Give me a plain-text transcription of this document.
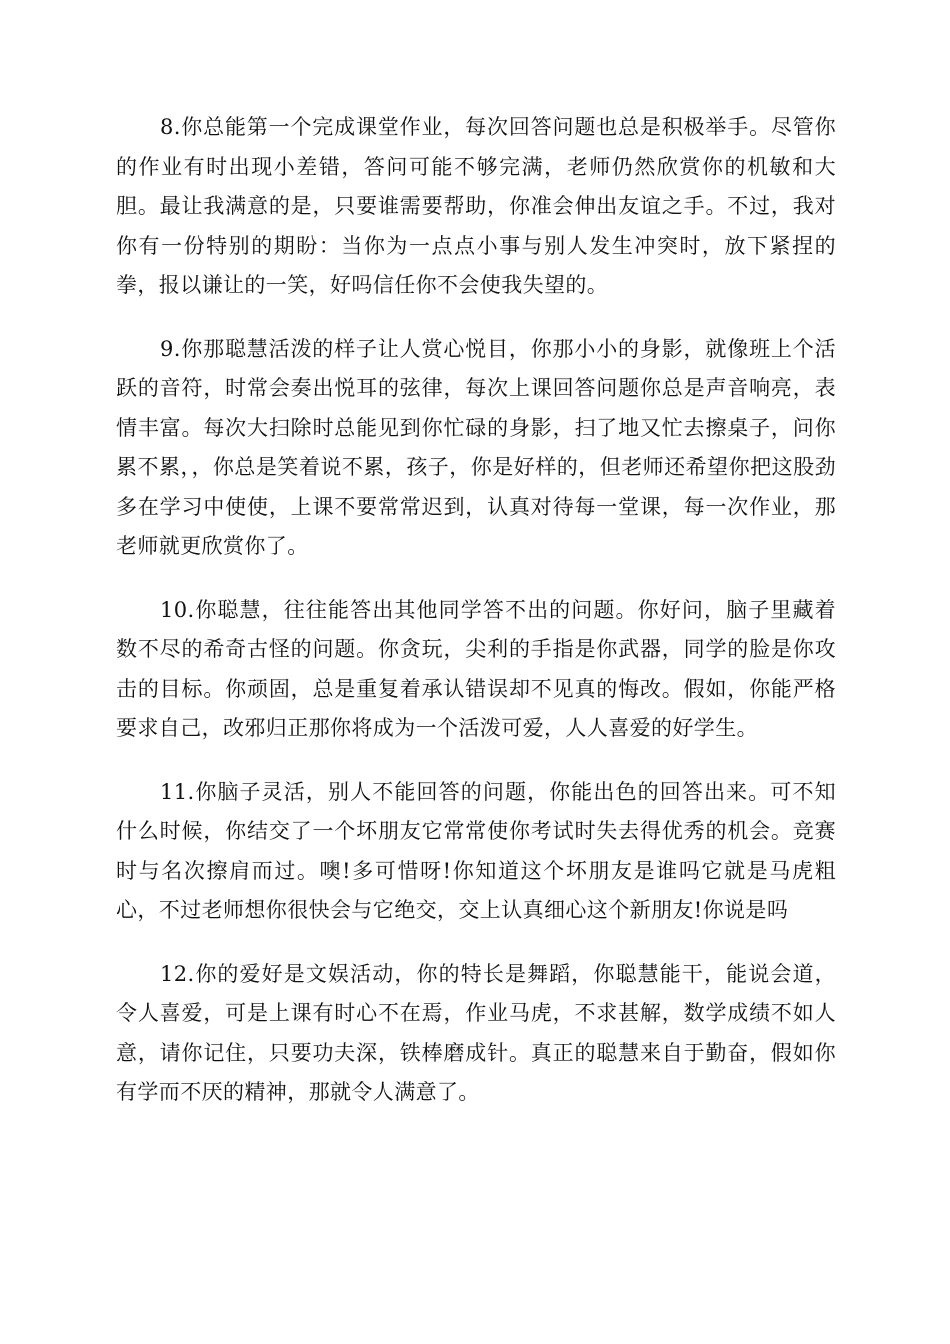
8.你总能第一个完成课堂作业，每次回答问题也总是积极举手。尽管你的作业有时出现小差错，答问可能不够完满，老师仍然欣赏你的机敏和大胆。最让我满意的是，只要谁需要帮助，你准会伸出友谊之手。不过，我对你有一份特别的期盼：当你为一点点小事与别人发生冲突时，放下紧捏的拳，报以谦让的一笑，好吗信任你不会使我失望的。

9.你那聪慧活泼的样子让人赏心悦目，你那小小的身影，就像班上个活跃的音符，时常会奏出悦耳的弦律，每次上课回答问题你总是声音响亮，表情丰富。每次大扫除时总能见到你忙碌的身影，扫了地又忙去擦桌子，问你累不累，，你总是笑着说不累，孩子，你是好样的，但老师还希望你把这股劲多在学习中使使，上课不要常常迟到，认真对待每一堂课，每一次作业，那老师就更欣赏你了。

10.你聪慧，往往能答出其他同学答不出的问题。你好问，脑子里藏着数不尽的希奇古怪的问题。你贪玩，尖利的手指是你武器，同学的脸是你攻击的目标。你顽固，总是重复着承认错误却不见真的悔改。假如，你能严格要求自己，改邪归正那你将成为一个活泼可爱，人人喜爱的好学生。

11.你脑子灵活，别人不能回答的问题，你能出色的回答出来。可不知什么时候，你结交了一个坏朋友它常常使你考试时失去得优秀的机会。竞赛时与名次擦肩而过。噢!多可惜呀!你知道这个坏朋友是谁吗它就是马虎粗心，不过老师想你很快会与它绝交，交上认真细心这个新朋友!你说是吗

12.你的爱好是文娱活动，你的特长是舞蹈，你聪慧能干，能说会道，令人喜爱，可是上课有时心不在焉，作业马虎，不求甚解，数学成绩不如人意，请你记住，只要功夫深，铁棒磨成针。真正的聪慧来自于勤奋，假如你有学而不厌的精神，那就令人满意了。
